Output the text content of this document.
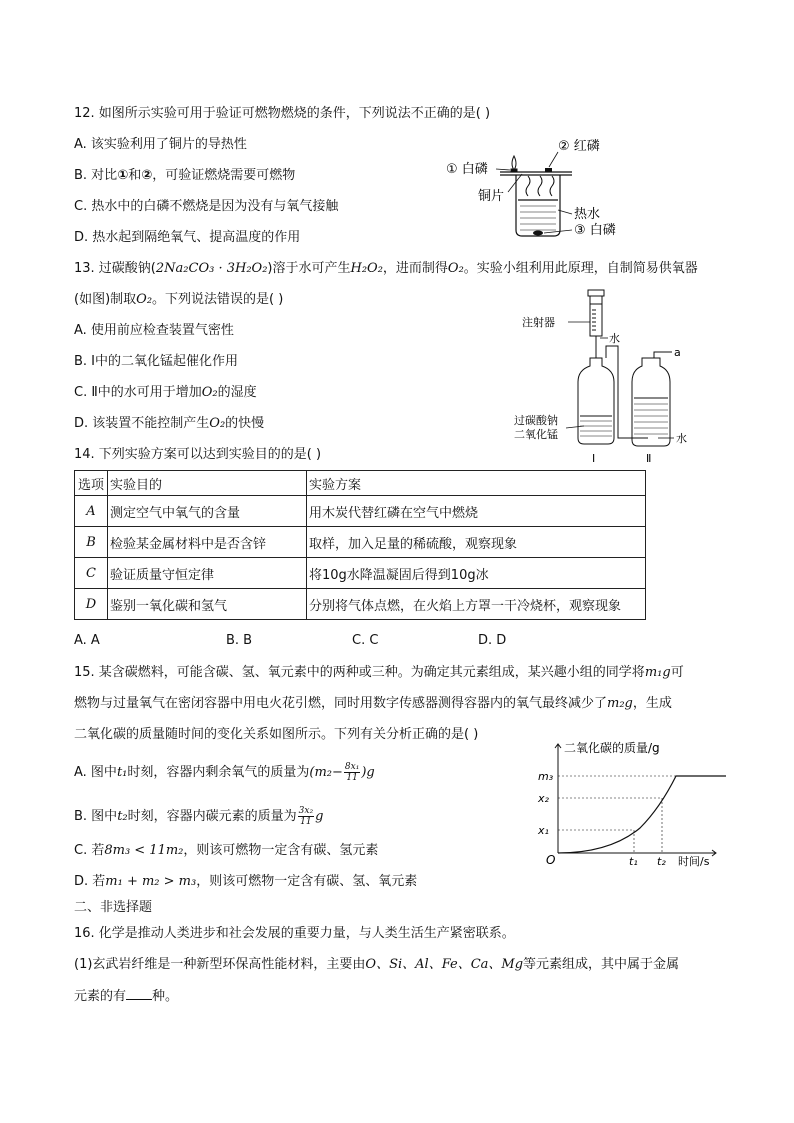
12. 如图所示实验可用于验证可燃物燃烧的条件，下列说法不正确的是( )
A. 该实验利用了铜片的导热性
B. 对比①和②，可验证燃烧需要可燃物
C. 热水中的白磷不燃烧是因为没有与氧气接触
D. 热水起到隔绝氧气、提高温度的作用
① 白磷
② 红磷
铜片
热水
③ 白磷
13. 过碳酸钠(2Na₂CO₃ · 3H₂O₂)溶于水可产生H₂O₂，进而制得O₂。实验小组利用此原理，自制简易供氧器
(如图)制取O₂。下列说法错误的是( )
A. 使用前应检查装置气密性
B. Ⅰ中的二氧化锰起催化作用
C. Ⅱ中的水可用于增加O₂的湿度
D. 该装置不能控制产生O₂的快慢
注射器
水
a
过碳酸钠
二氧化锰	水
Ⅰ	Ⅱ
14. 下列实验方案可以达到实验目的的是( )
选项	实验目的	实验方案
A	测定空气中氧气的含量	用木炭代替红磷在空气中燃烧
B	检验某金属材料中是否含锌	取样，加入足量的稀硫酸，观察现象
C	验证质量守恒定律	将10g水降温凝固后得到10g冰
D	鉴别一氧化碳和氢气	分别将气体点燃，在火焰上方罩一干冷烧杯，观察现象
A. A	B. B	C. C	D. D
15. 某含碳燃料，可能含碳、氢、氧元素中的两种或三种。为确定其元素组成，某兴趣小组的同学将m₁g可
燃物与过量氧气在密闭容器中用电火花引燃，同时用数字传感器测得容器内的氧气最终减少了m₂g，生成
二氧化碳的质量随时间的变化关系如图所示。下列有关分析正确的是( )
A. 图中t₁时刻，容器内剩余氧气的质量为$(m_2- \frac{\text{8x₁}}{11} )g$
B. 图中t₂时刻，容器内碳元素的质量为 $\frac{\text{3x₂}}{11}$ g
C. 若8m₃ < 11m₂，则该可燃物一定含有碳、氢元素
D. 若m₁ + m₂ > m₃，则该可燃物一定含有碳、氢、氧元素
二氧化碳的质量/g
时间/s
O
m₃
x₂
x₁
t₁ t₂
二、非选择题
16. 化学是推动人类进步和社会发展的重要力量，与人类生活生产紧密联系。
(1)玄武岩纤维是一种新型环保高性能材料，主要由O、Si、Al、Fe、Ca、Mg等元素组成，其中属于金属
元素的有 种。
